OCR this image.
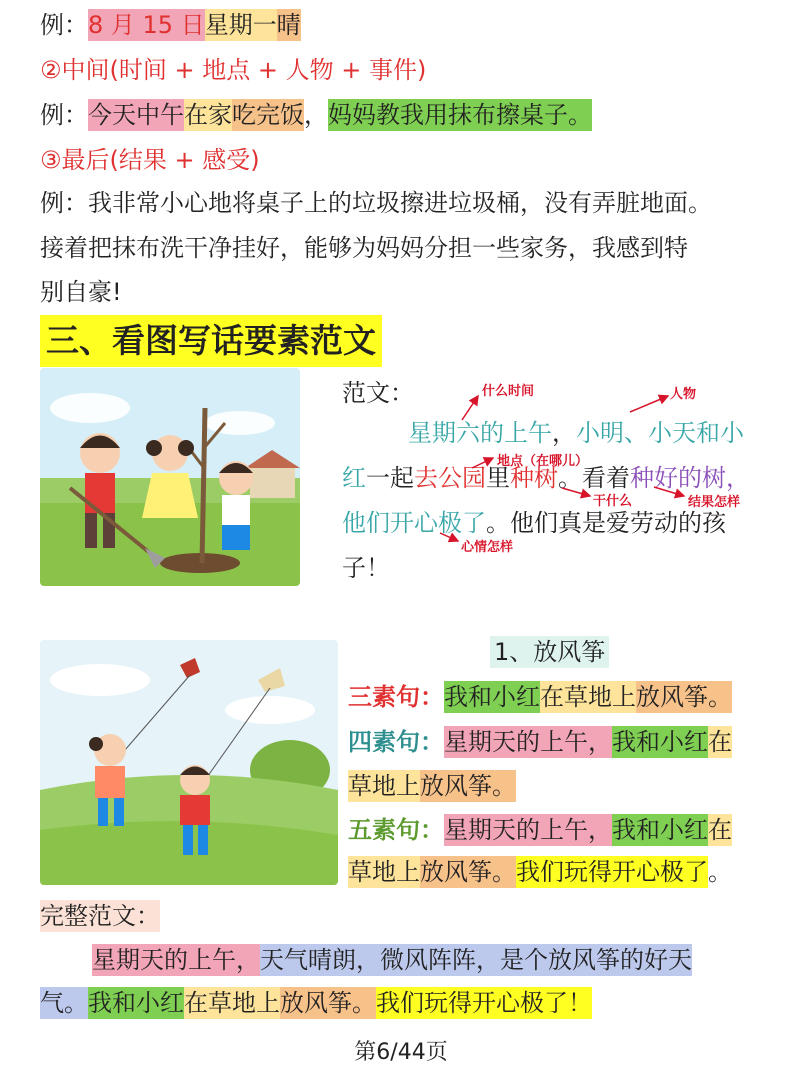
例：8 月 15 日星期一晴
②中间(时间 + 地点 + 人物 + 事件)
例：今天中午在家吃完饭，妈妈教我用抹布擦桌子。
③最后(结果 + 感受)
例：我非常小心地将桌子上的垃圾擦进垃圾桶，没有弄脏地面。
接着把抹布洗干净挂好，能够为妈妈分担一些家务，我感到特
别自豪!
三、看图写话要素范文
范文：
星期六的上午，小明、小天和小
红一起去公园里种树。看着种好的树，
他们开心极了。他们真是爱劳动的孩
子！
什么时间	人物
地点（在哪儿）
干什么	结果怎样
心情怎样
1、放风筝
三素句：我和小红在草地上放风筝。
四素句：星期天的上午，我和小红在
草地上放风筝。
五素句：星期天的上午，我和小红在
草地上放风筝。我们玩得开心极了。
完整范文：
星期天的上午，天气晴朗，微风阵阵，是个放风筝的好天
气。我和小红在草地上放风筝。我们玩得开心极了！
第6/44页
